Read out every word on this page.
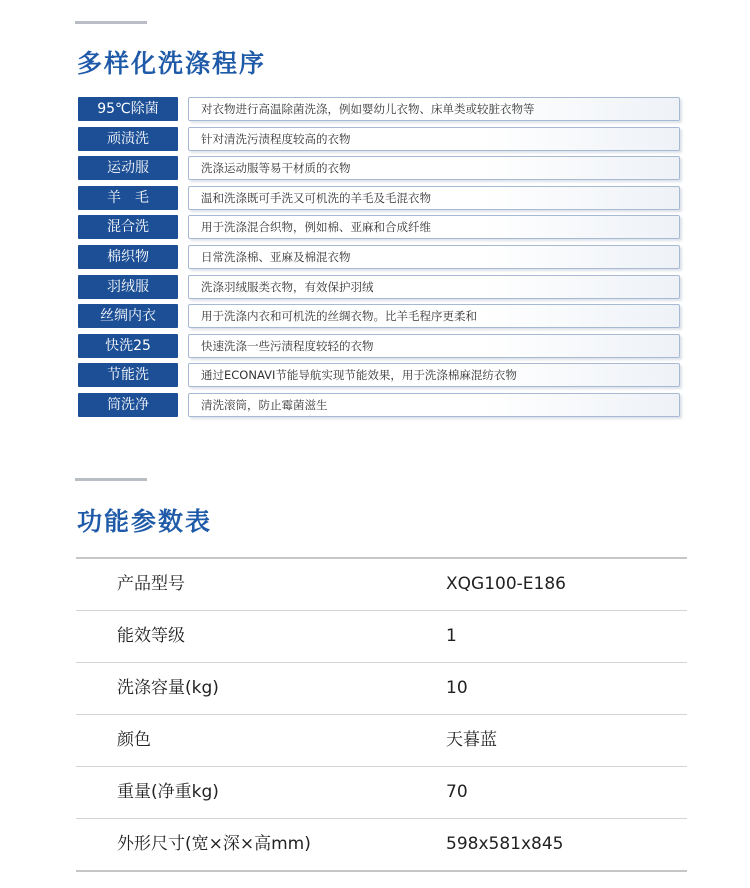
多样化洗涤程序
95℃除菌	对衣物进行高温除菌洗涤，例如婴幼儿衣物、床单类或较脏衣物等
顽渍洗	针对清洗污渍程度较高的衣物
运动服	洗涤运动服等易干材质的衣物
羊　毛	温和洗涤既可手洗又可机洗的羊毛及毛混衣物
混合洗	用于洗涤混合织物，例如棉、亚麻和合成纤维
棉织物	日常洗涤棉、亚麻及棉混衣物
羽绒服	洗涤羽绒服类衣物，有效保护羽绒
丝绸内衣	用于洗涤内衣和可机洗的丝绸衣物。比羊毛程序更柔和
快洗25	快速洗涤一些污渍程度较轻的衣物
节能洗	通过ECONAVI节能导航实现节能效果，用于洗涤棉麻混纺衣物
筒洗净	清洗滚筒，防止霉菌滋生
功能参数表
产品型号	XQG100-E186
能效等级	1
洗涤容量(kg)	10
颜色	天暮蓝
重量(净重kg)	70
外形尺寸(宽×深×高mm)	598x581x845
